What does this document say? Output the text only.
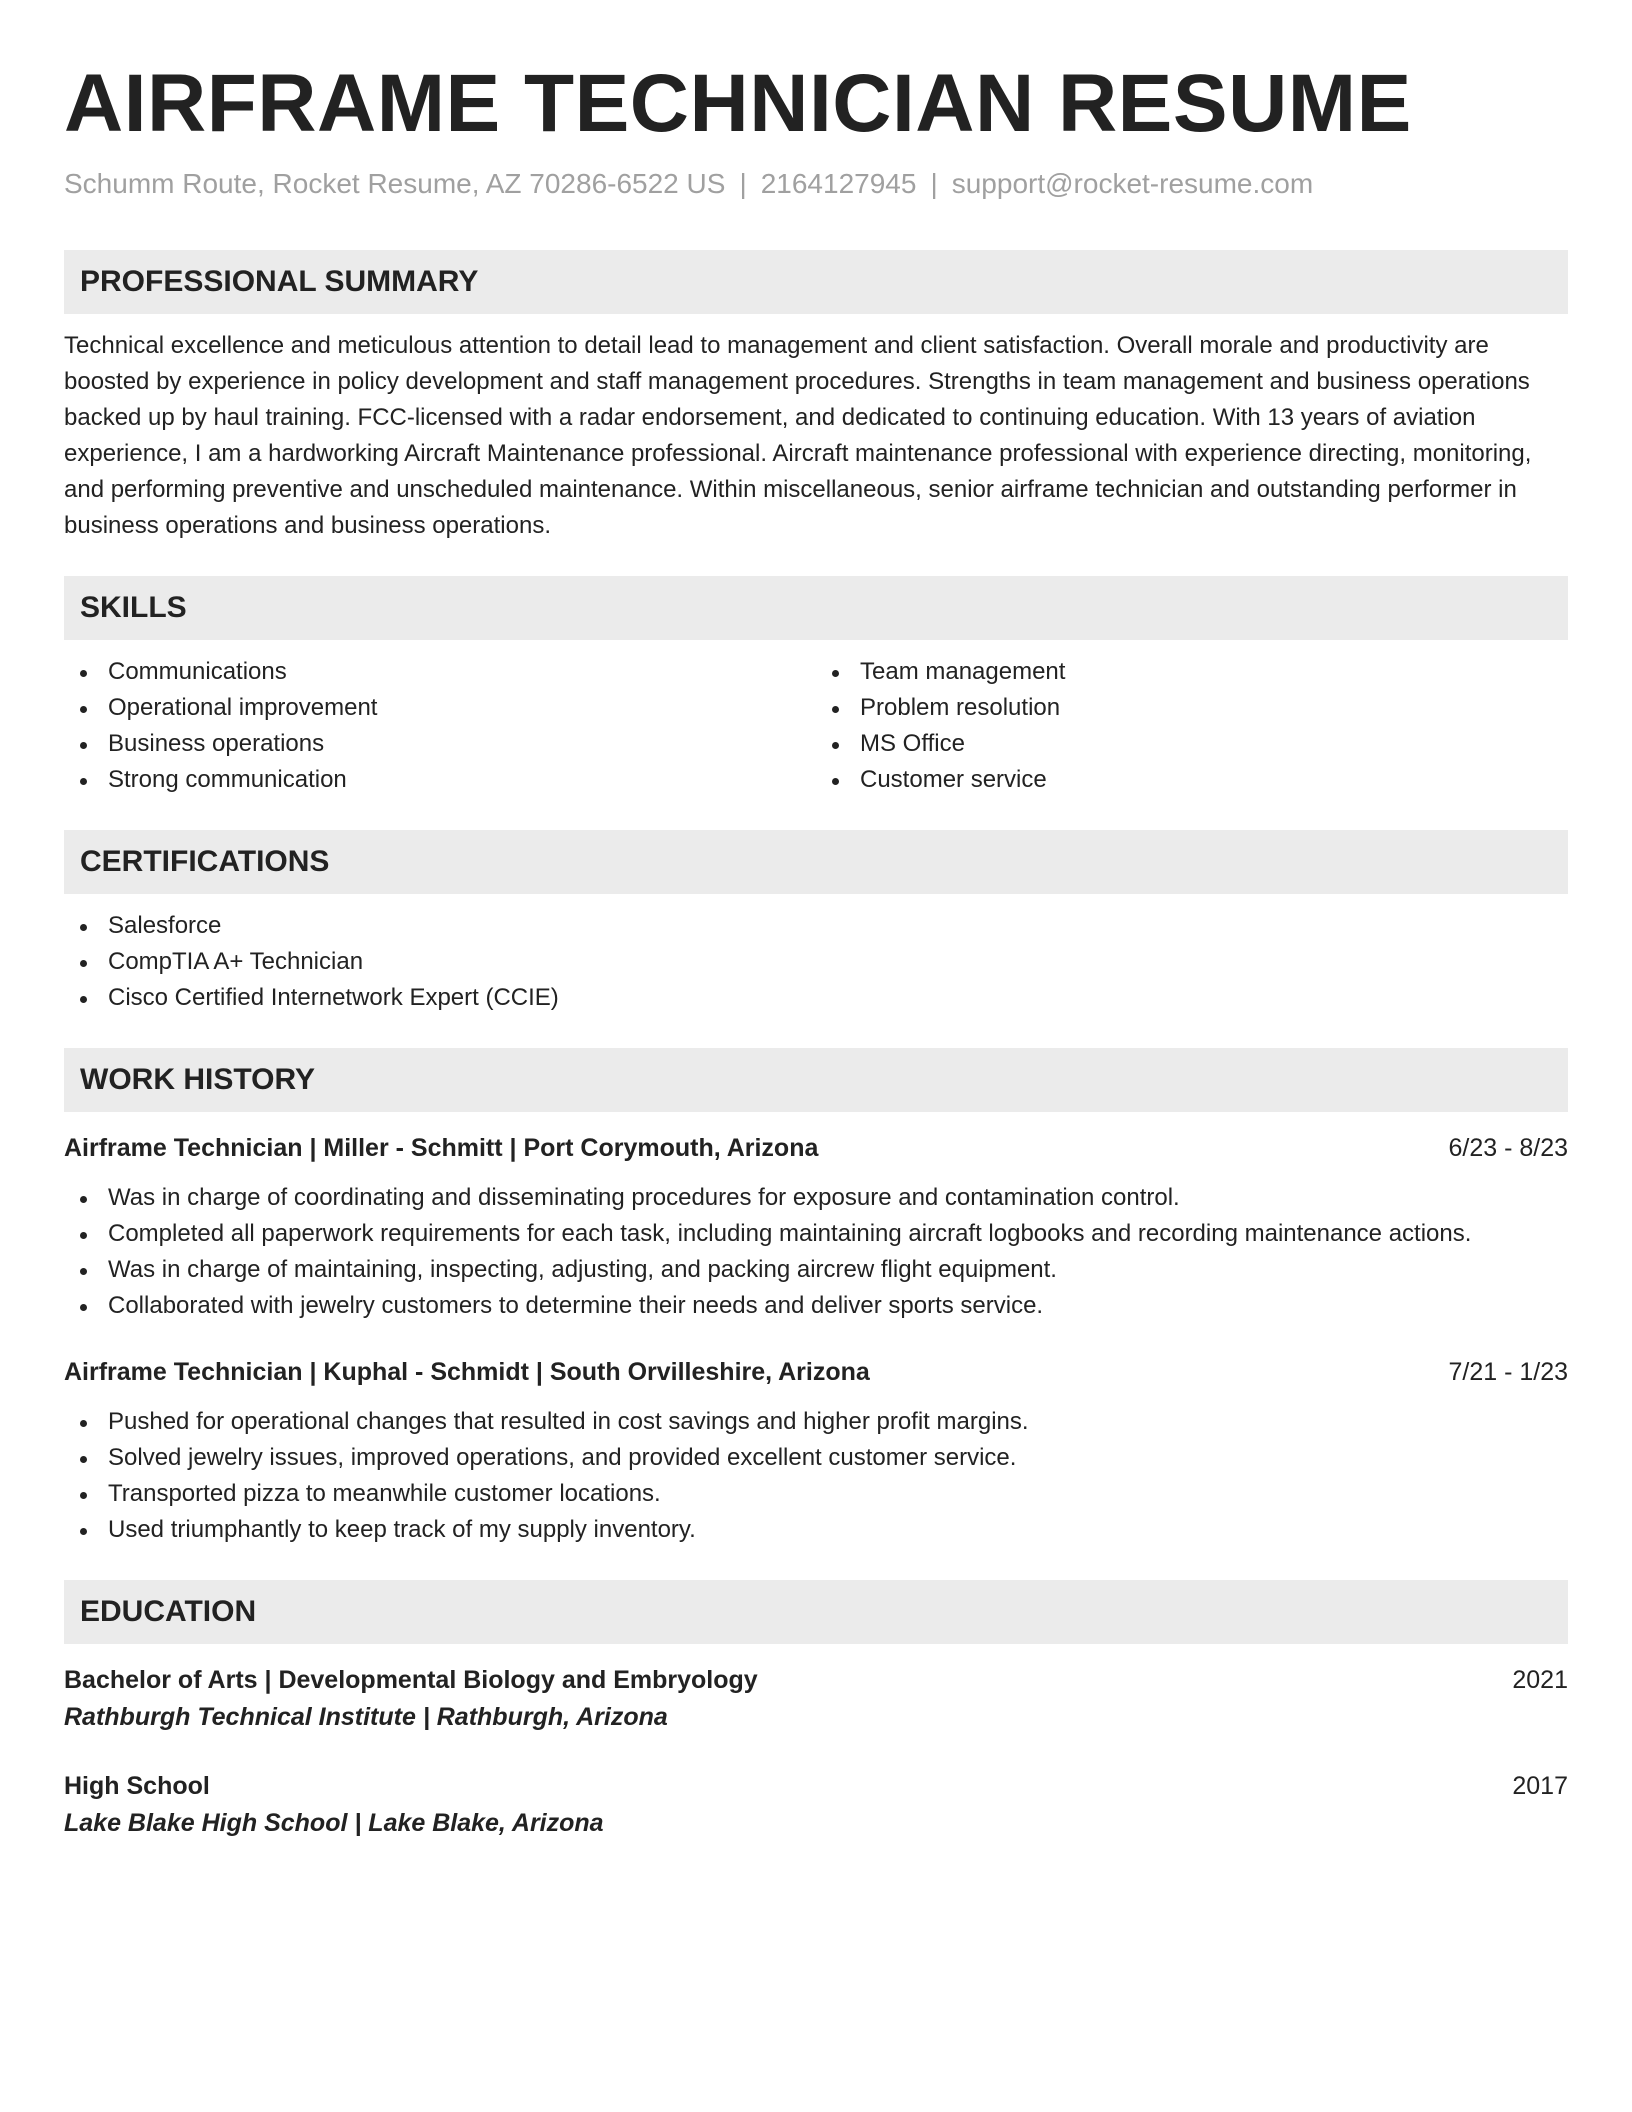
AIRFRAME TECHNICIAN RESUME
Schumm Route, Rocket Resume, AZ 70286-6522 US | 2164127945 | support@rocket-resume.com
PROFESSIONAL SUMMARY
Technical excellence and meticulous attention to detail lead to management and client satisfaction. Overall morale and productivity are boosted by experience in policy development and staff management procedures. Strengths in team management and business operations backed up by haul training. FCC-licensed with a radar endorsement, and dedicated to continuing education. With 13 years of aviation experience, I am a hardworking Aircraft Maintenance professional. Aircraft maintenance professional with experience directing, monitoring, and performing preventive and unscheduled maintenance. Within miscellaneous, senior airframe technician and outstanding performer in business operations and business operations.
SKILLS
Communications
Operational improvement
Business operations
Strong communication
Team management
Problem resolution
MS Office
Customer service
CERTIFICATIONS
Salesforce
CompTIA A+ Technician
Cisco Certified Internetwork Expert (CCIE)
WORK HISTORY
Airframe Technician | Miller - Schmitt | Port Corymouth, Arizona	6/23 - 8/23
Was in charge of coordinating and disseminating procedures for exposure and contamination control.
Completed all paperwork requirements for each task, including maintaining aircraft logbooks and recording maintenance actions.
Was in charge of maintaining, inspecting, adjusting, and packing aircrew flight equipment.
Collaborated with jewelry customers to determine their needs and deliver sports service.
Airframe Technician | Kuphal - Schmidt | South Orvilleshire, Arizona	7/21 - 1/23
Pushed for operational changes that resulted in cost savings and higher profit margins.
Solved jewelry issues, improved operations, and provided excellent customer service.
Transported pizza to meanwhile customer locations.
Used triumphantly to keep track of my supply inventory.
EDUCATION
Bachelor of Arts | Developmental Biology and Embryology	2021
Rathburgh Technical Institute | Rathburgh, Arizona
High School	2017
Lake Blake High School | Lake Blake, Arizona
